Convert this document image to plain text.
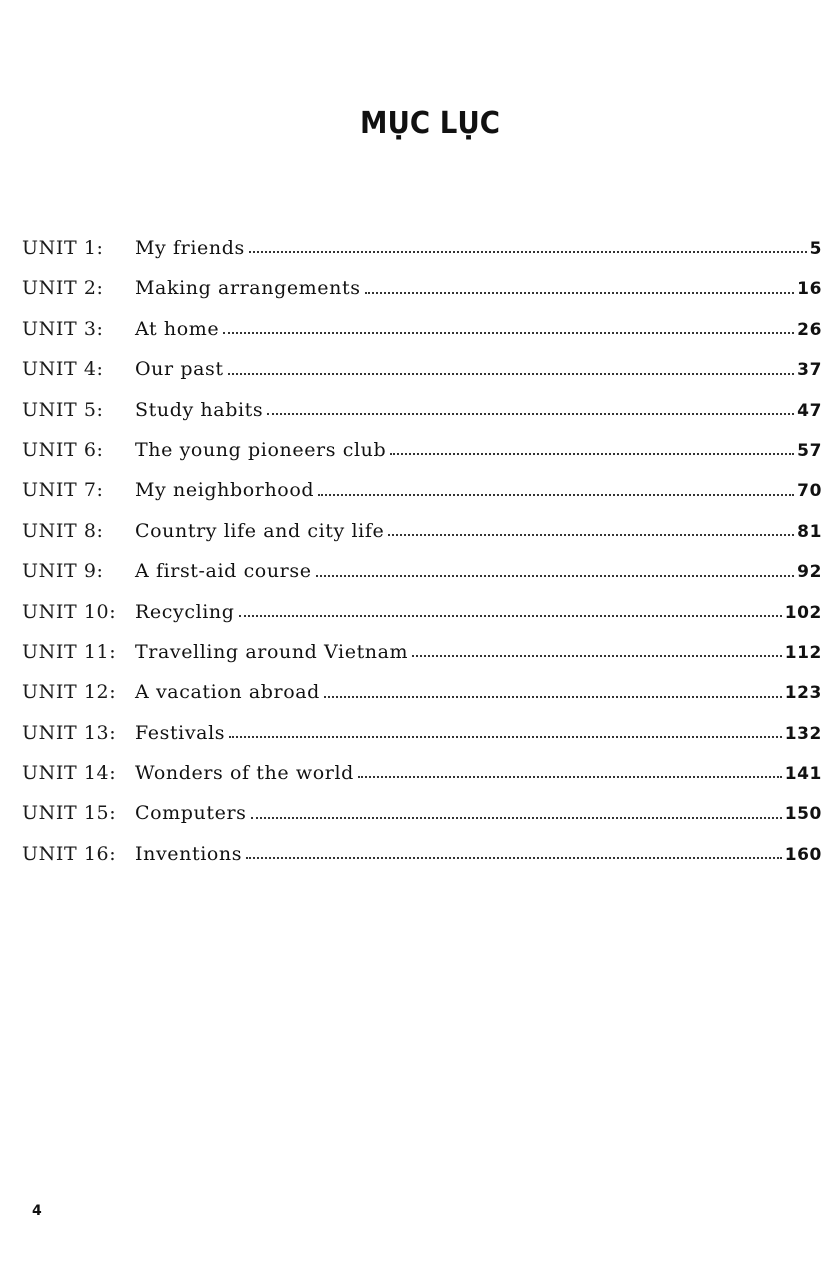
MỤC LỤC
UNIT 1:	My friends	5
UNIT 2:	Making arrangements	16
UNIT 3:	At home	26
UNIT 4:	Our past	37
UNIT 5:	Study habits	47
UNIT 6:	The young pioneers club	57
UNIT 7:	My neighborhood	70
UNIT 8:	Country life and city life	81
UNIT 9:	A first-aid course	92
UNIT 10: Recycling	102
UNIT 11: Travelling around Vietnam	112
UNIT 12: A vacation abroad	123
UNIT 13: Festivals	132
UNIT 14: Wonders of the world	141
UNIT 15: Computers	150
UNIT 16: Inventions	160
4
